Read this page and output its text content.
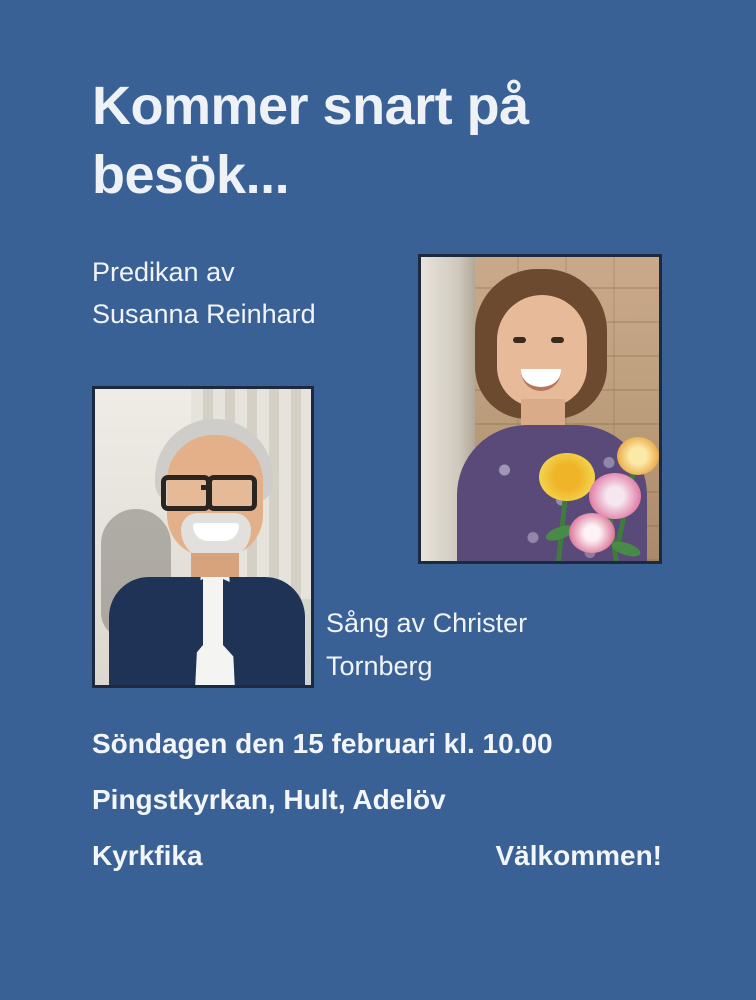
Kommer snart på besök...
Predikan av
Susanna Reinhard
Sång av Christer
Tornberg
Söndagen den 15 februari kl. 10.00
Pingstkyrkan, Hult, Adelöv
Kyrkfika	Välkommen!
